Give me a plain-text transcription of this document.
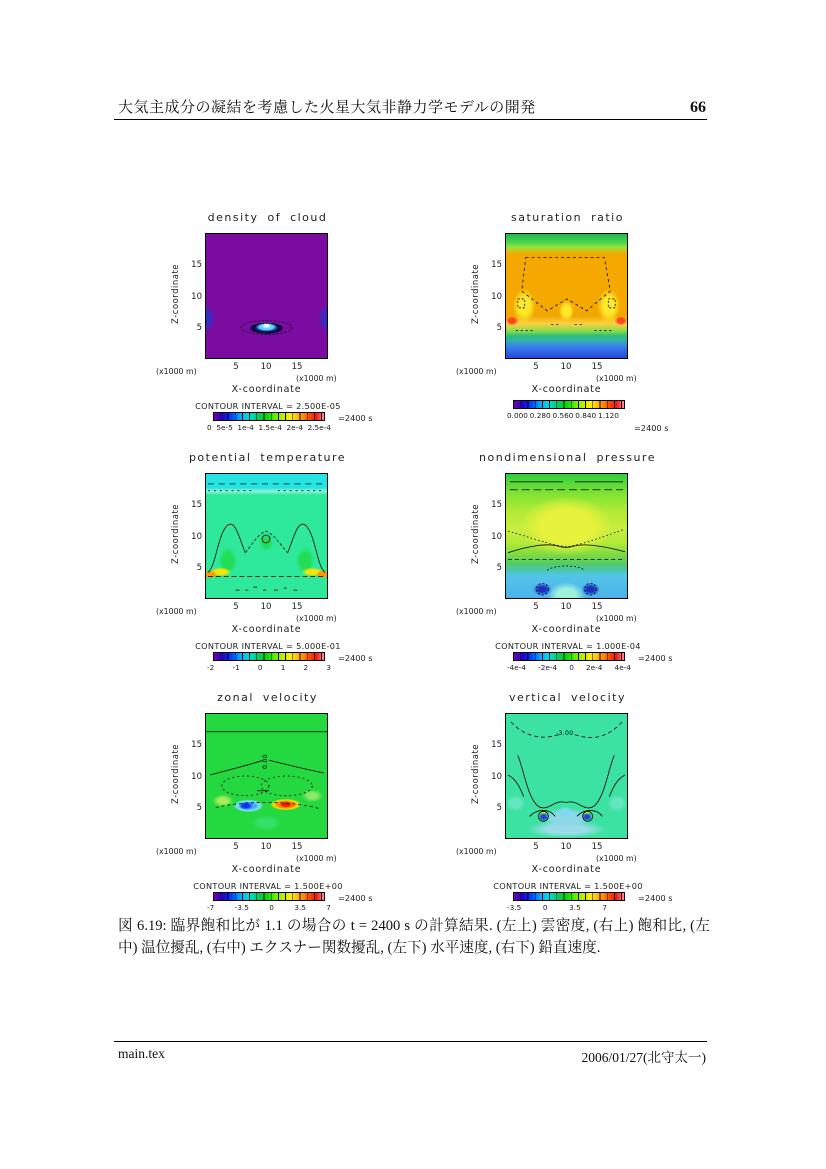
大気主成分の凝結を考慮した火星大気非静力学モデルの開発	66
density of cloud
Z-coordinate	15
10
5
5	10	15
(x1000 m)
(x1000 m)
X-coordinate
CONTOUR INTERVAL = 2.500E-05
0 5e-5 1e-4 1.5e-4 2e-4 2.5e-4
=2400 s
saturation ratio
Z-coordinate	15
10
5
5	10	15
(x1000 m)
(x1000 m)
X-coordinate
0.000 0.280 0.560 0.840 1.120
=2400 s
potential temperature
Z-coordinate	15
10
5
5	10	15
(x1000 m)
(x1000 m)
X-coordinate
CONTOUR INTERVAL = 5.000E-01
-2 -1 0 1 2 3
=2400 s
nondimensional pressure
Z-coordinate	15
10
5
5	10	15
(x1000 m)
(x1000 m)
X-coordinate
CONTOUR INTERVAL = 1.000E-04
-4e-4 -2e-4 0 2e-4 4e-4
=2400 s
zonal velocity
Z-coordinate	15
10
5
0.00
5	10	15
(x1000 m)
(x1000 m)
X-coordinate
CONTOUR INTERVAL = 1.500E+00
-7	-3.5	0	3.5	7
=2400 s
vertical velocity
Z-coordinate	15
10
5
-3.00
5	10	15
(x1000 m)
(x1000 m)
X-coordinate
CONTOUR INTERVAL = 1.500E+00
-3.5	0	3.5	7
=2400 s
図 6.19: 臨界飽和比が 1.1 の場合の t = 2400 s の計算結果. (左上) 雲密度, (右上) 飽和比, (左中) 温位擾乱, (右中) エクスナー関数擾乱, (左下) 水平速度, (右下) 鉛直速度.
main.tex	2006/01/27(北守太一)
